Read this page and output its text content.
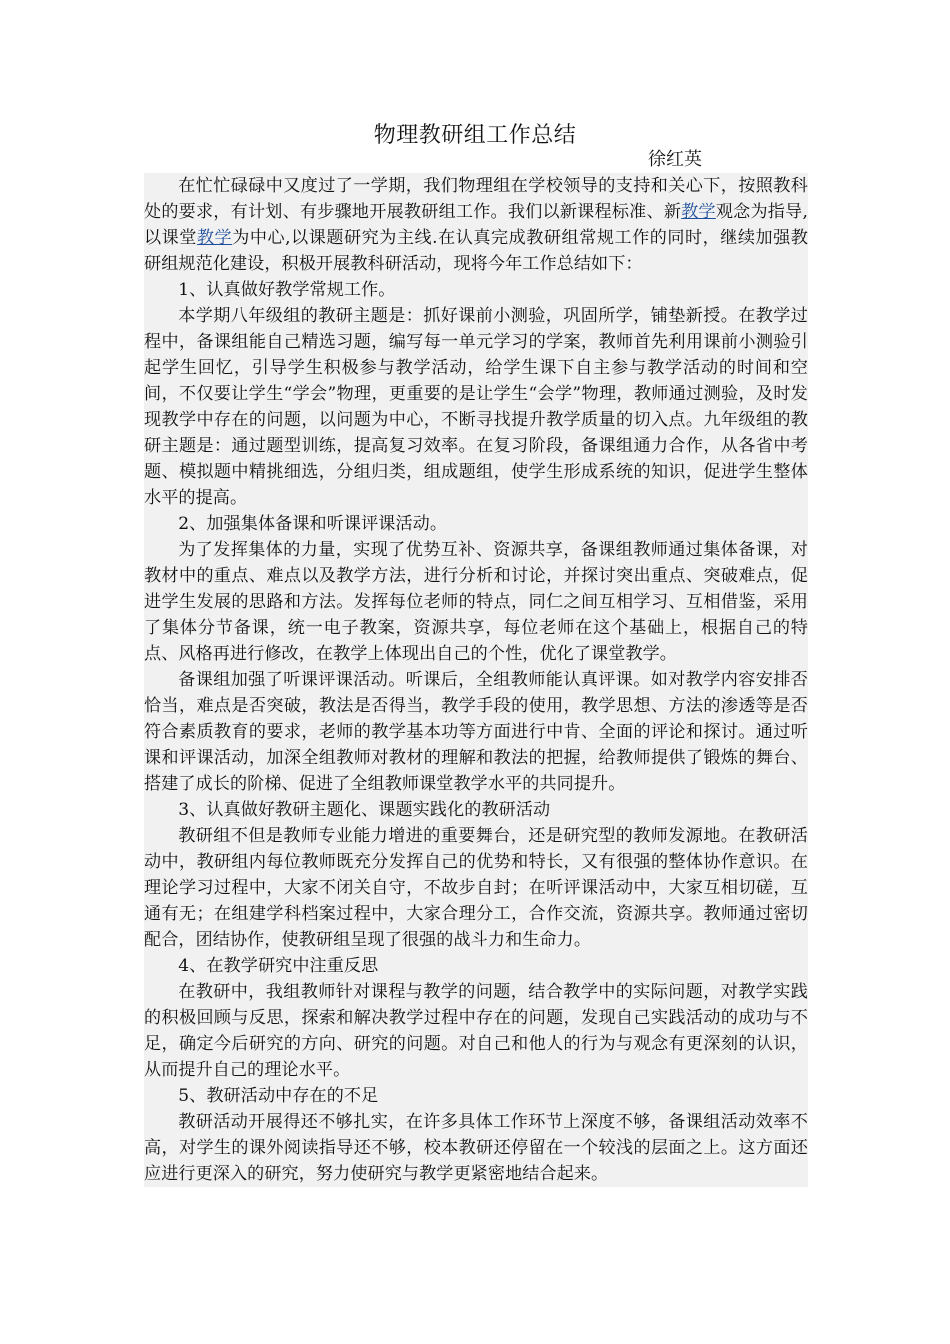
物理教研组工作总结
徐红英

在忙忙碌碌中又度过了一学期，我们物理组在学校领导的支持和关心下，按照教科处的要求，有计划、有步骤地开展教研组工作。我们以新课程标准、新教学观念为指导,以课堂教学为中心,以课题研究为主线.在认真完成教研组常规工作的同时，继续加强教研组规范化建设，积极开展教科研活动，现将今年工作总结如下：

1、认真做好教学常规工作。

本学期八年级组的教研主题是：抓好课前小测验，巩固所学，铺垫新授。在教学过程中，备课组能自己精选习题，编写每一单元学习的学案，教师首先利用课前小测验引起学生回忆，引导学生积极参与教学活动，给学生课下自主参与教学活动的时间和空间，不仅要让学生“学会”物理，更重要的是让学生“会学”物理，教师通过测验，及时发现教学中存在的问题，以问题为中心，不断寻找提升教学质量的切入点。九年级组的教研主题是：通过题型训练，提高复习效率。在复习阶段，备课组通力合作，从各省中考题、模拟题中精挑细选，分组归类，组成题组，使学生形成系统的知识，促进学生整体水平的提高。

2、加强集体备课和听课评课活动。

为了发挥集体的力量，实现了优势互补、资源共享，备课组教师通过集体备课，对教材中的重点、难点以及教学方法，进行分析和讨论，并探讨突出重点、突破难点，促进学生发展的思路和方法。发挥每位老师的特点，同仁之间互相学习、互相借鉴，采用了集体分节备课，统一电子教案，资源共享，每位老师在这个基础上，根据自己的特点、风格再进行修改，在教学上体现出自己的个性，优化了课堂教学。

备课组加强了听课评课活动。听课后，全组教师能认真评课。如对教学内容安排否恰当，难点是否突破，教法是否得当，教学手段的使用，教学思想、方法的渗透等是否符合素质教育的要求，老师的教学基本功等方面进行中肯、全面的评论和探讨。通过听课和评课活动，加深全组教师对教材的理解和教法的把握，给教师提供了锻炼的舞台、搭建了成长的阶梯、促进了全组教师课堂教学水平的共同提升。

3、认真做好教研主题化、课题实践化的教研活动

教研组不但是教师专业能力增进的重要舞台，还是研究型的教师发源地。在教研活动中，教研组内每位教师既充分发挥自己的优势和特长，又有很强的整体协作意识。在理论学习过程中，大家不闭关自守，不故步自封；在听评课活动中，大家互相切磋，互通有无；在组建学科档案过程中，大家合理分工，合作交流，资源共享。教师通过密切配合，团结协作，使教研组呈现了很强的战斗力和生命力。

4、在教学研究中注重反思

在教研中，我组教师针对课程与教学的问题，结合教学中的实际问题，对教学实践的积极回顾与反思，探索和解决教学过程中存在的问题，发现自己实践活动的成功与不足，确定今后研究的方向、研究的问题。对自己和他人的行为与观念有更深刻的认识，从而提升自己的理论水平。

5、教研活动中存在的不足

教研活动开展得还不够扎实，在许多具体工作环节上深度不够，备课组活动效率不高，对学生的课外阅读指导还不够，校本教研还停留在一个较浅的层面之上。这方面还应进行更深入的研究，努力使研究与教学更紧密地结合起来。
